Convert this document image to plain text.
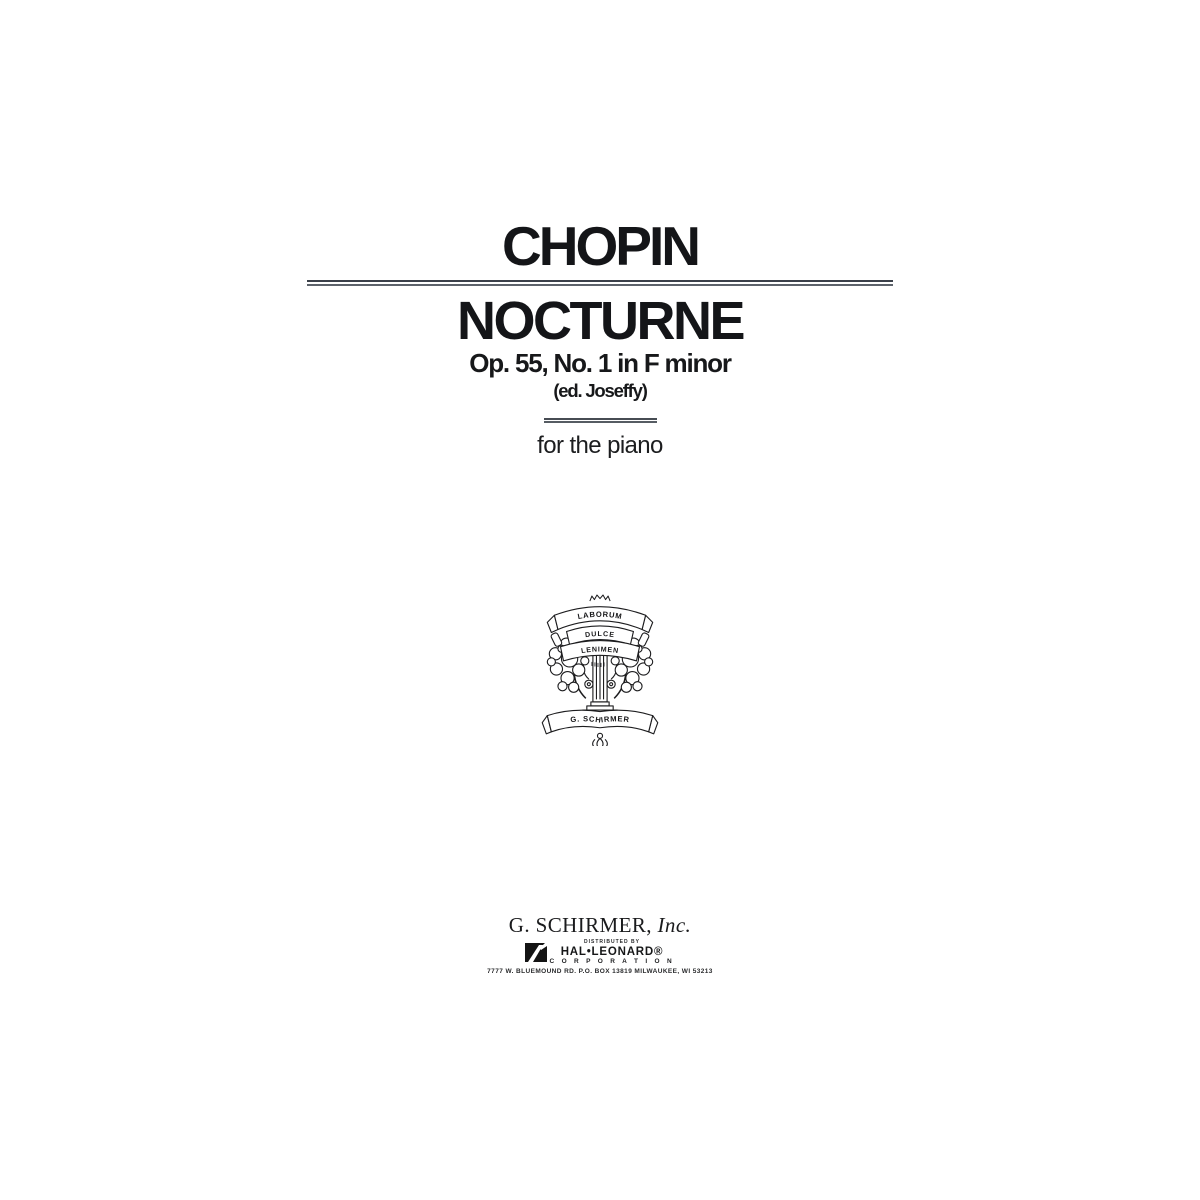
CHOPIN
NOCTURNE
Op. 55, No. 1 in F minor
(ed. Joseffy)
for the piano
LABORUM
DULCE
LENIMEN
G. SCHIRMER
G. SCHIRMER, Inc.
DISTRIBUTED BY
HAL•LEONARD®
C O R P O R A T I O N
7777 W. BLUEMOUND RD. P.O. BOX 13819 MILWAUKEE, WI 53213
